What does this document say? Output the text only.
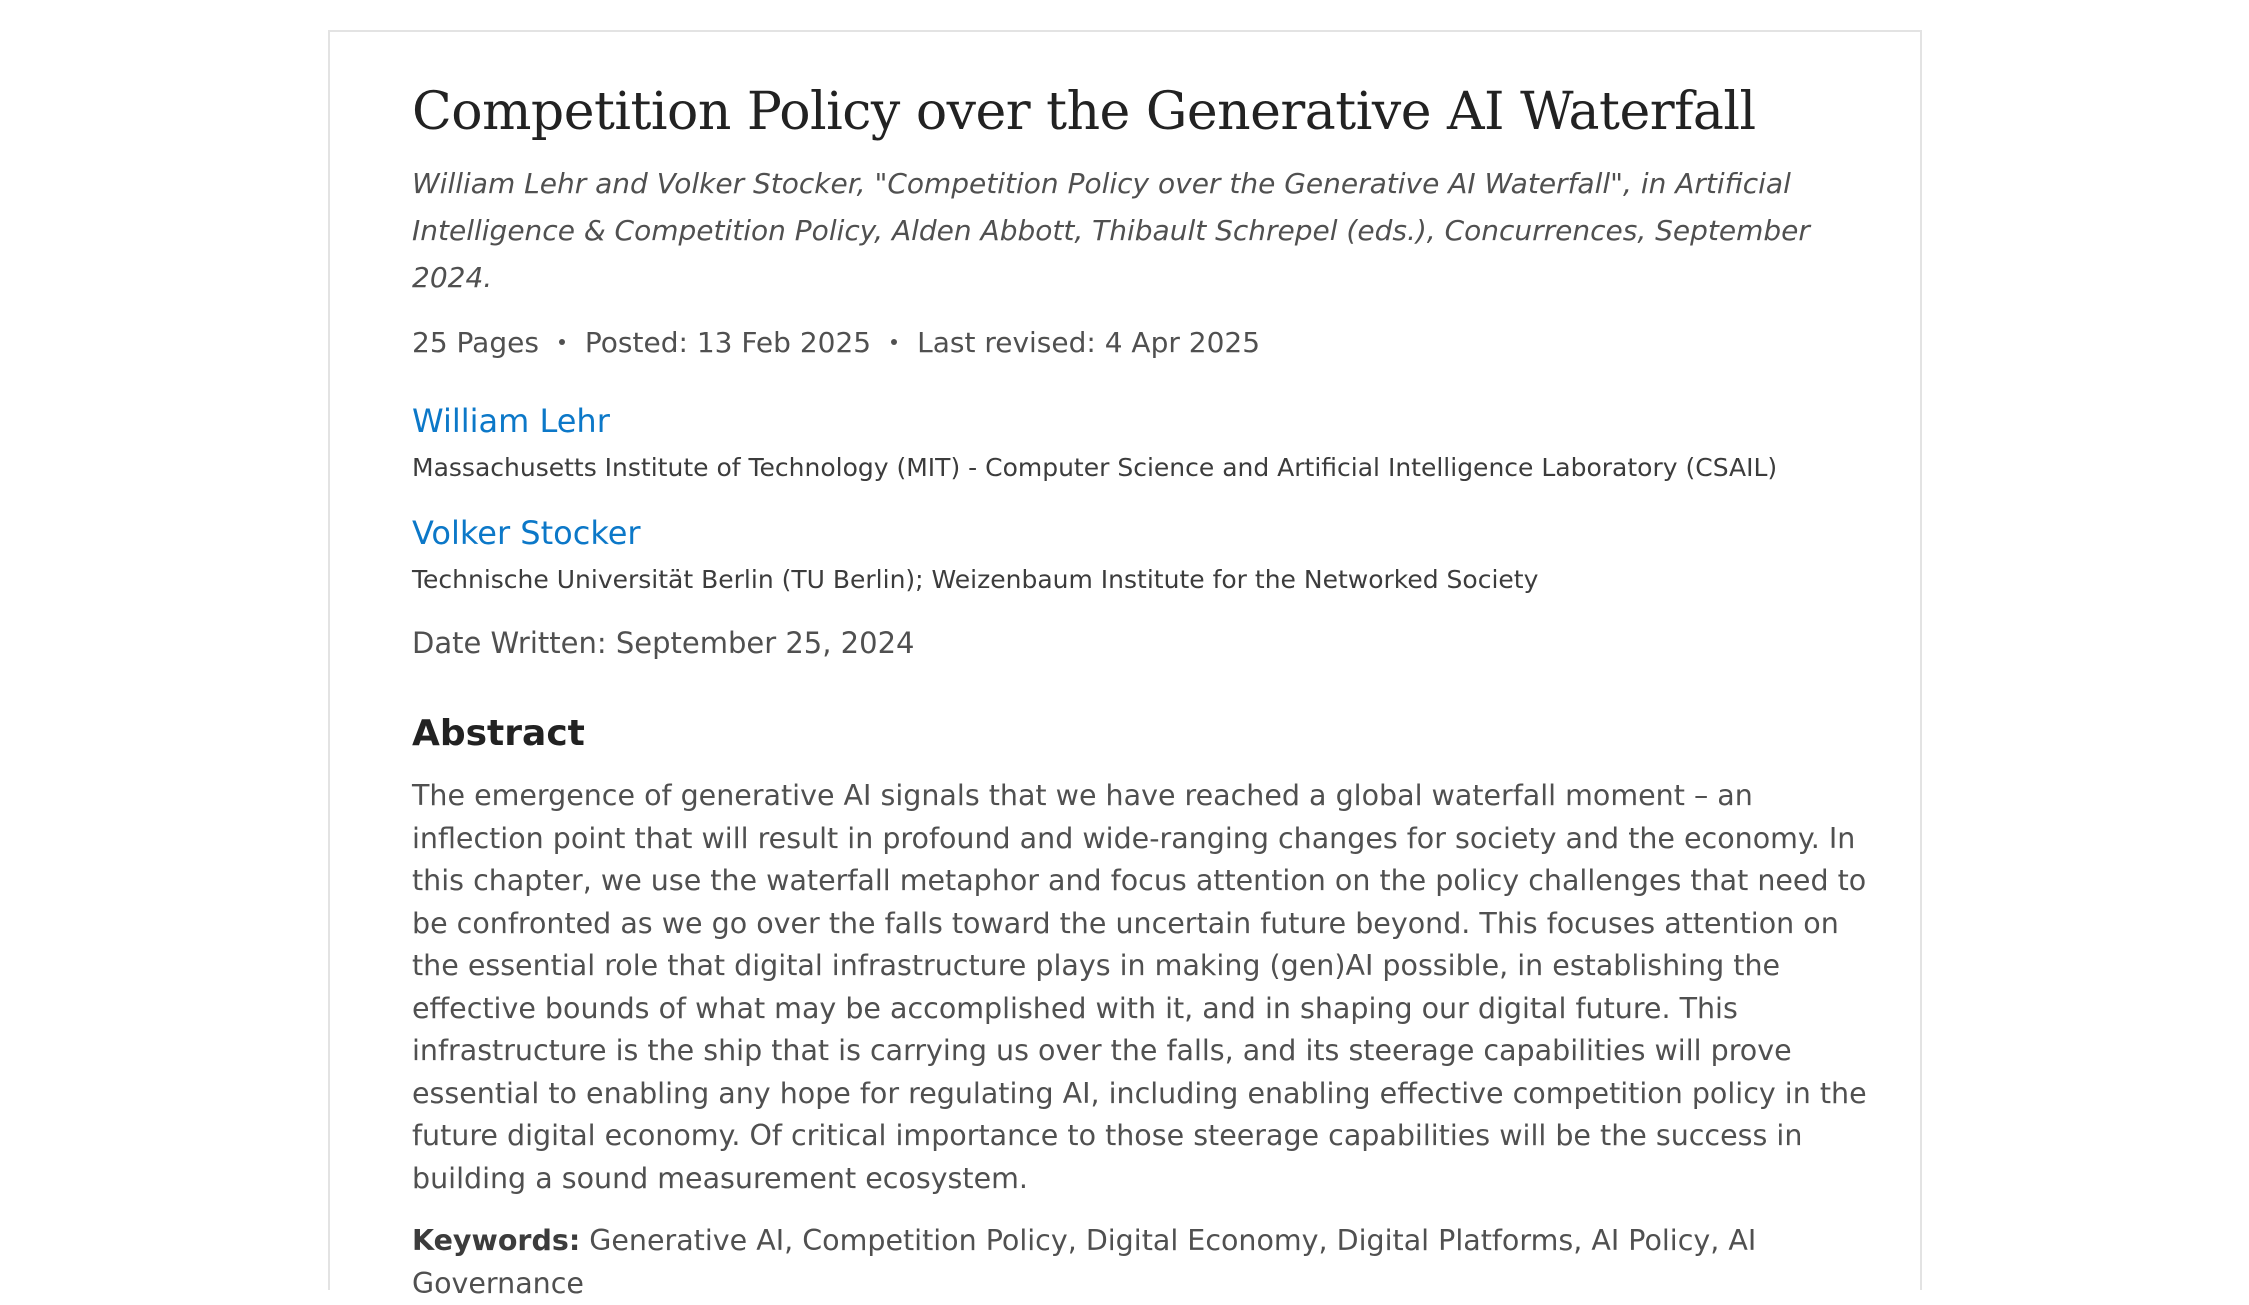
Competition Policy over the Generative AI Waterfall

William Lehr and Volker Stocker, "Competition Policy over the Generative AI Waterfall", in Artificial Intelligence & Competition Policy, Alden Abbott, Thibault Schrepel (eds.), Concurrences, September 2024.

25 Pages Posted: 13 Feb 2025 Last revised: 4 Apr 2025
William Lehr
Massachusetts Institute of Technology (MIT) - Computer Science and Artificial Intelligence Laboratory (CSAIL)
Volker Stocker
Technische Universität Berlin (TU Berlin); Weizenbaum Institute for the Networked Society
Date Written: September 25, 2024
Abstract

The emergence of generative AI signals that we have reached a global waterfall moment – an inflection point that will result in profound and wide-ranging changes for society and the economy. In this chapter, we use the waterfall metaphor and focus attention on the policy challenges that need to be confronted as we go over the falls toward the uncertain future beyond. This focuses attention on the essential role that digital infrastructure plays in making (gen)AI possible, in establishing the effective bounds of what may be accomplished with it, and in shaping our digital future. This infrastructure is the ship that is carrying us over the falls, and its steerage capabilities will prove essential to enabling any hope for regulating AI, including enabling effective competition policy in the future digital economy. Of critical importance to those steerage capabilities will be the success in building a sound measurement ecosystem.

Keywords: Generative AI, Competition Policy, Digital Economy, Digital Platforms, AI Policy, AI Governance
